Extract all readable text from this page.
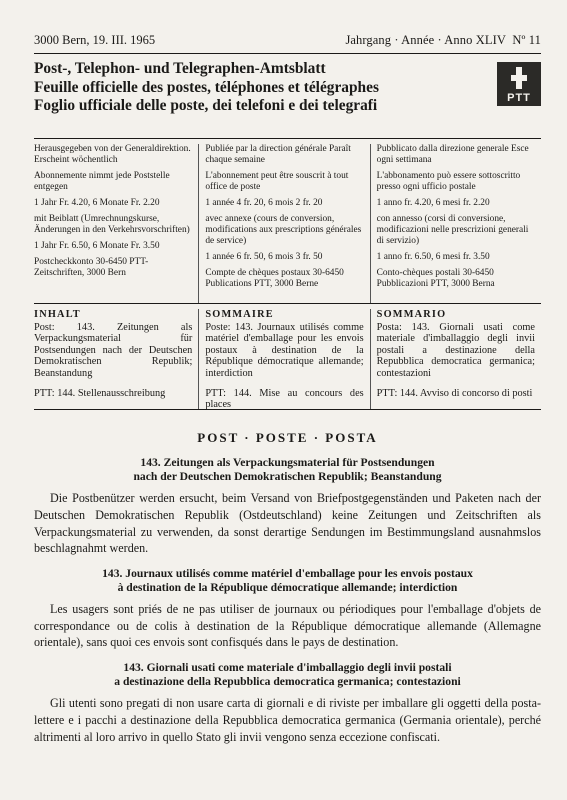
3000 Bern, 19. III. 1965	Jahrgang · Année · Anno XLIV Nº 11
Post-, Telephon- und Telegraphen-Amtsblatt
Feuille officielle des postes, téléphones et télégraphes
Foglio ufficiale delle poste, dei telefoni e dei telegrafi	PTT

Herausgegeben von der Generaldirektion. Erscheint wöchentlich

Abonnemente nimmt jede Poststelle entgegen

1 Jahr Fr. 4.20, 6 Monate Fr. 2.20

mit Beiblatt (Umrechnungskurse, Änderungen in den Verkehrsvorschriften)

1 Jahr Fr. 6.50, 6 Monate Fr. 3.50

Postcheckkonto 30-6450 PTT-Zeitschriften, 3000 Bern

Publiée par la direction générale Paraît chaque semaine

L'abonnement peut être souscrit à tout office de poste

1 année 4 fr. 20, 6 mois 2 fr. 20

avec annexe (cours de conversion, modifications aux prescriptions générales de service)

1 année 6 fr. 50, 6 mois 3 fr. 50

Compte de chèques postaux 30-6450 Publications PTT, 3000 Berne

Pubblicato dalla direzione generale Esce ogni settimana

L'abbonamento può essere sottoscritto presso ogni ufficio postale

1 anno fr. 4.20, 6 mesi fr. 2.20

con annesso (corsi di conversione, modificazioni nelle prescrizioni generali di servizio)

1 anno fr. 6.50, 6 mesi fr. 3.50

Conto-chèques postali 30-6450 Pubblicazioni PTT, 3000 Berna

INHALT

Post: 143. Zeitungen als Verpackungsmaterial für Postsendungen nach der Deutschen Demokratischen Republik; Beanstandung

PTT: 144. Stellenausschreibung

SOMMAIRE

Poste: 143. Journaux utilisés comme matériel d'emballage pour les envois postaux à destination de la République démocratique allemande; interdiction

PTT: 144. Mise au concours des places

SOMMARIO

Posta: 143. Giornali usati come materiale d'imballaggio degli invii postali a destinazione della Repubblica democratica germanica; contestazioni

PTT: 144. Avviso di concorso di posti

POST · POSTE · POSTA
143. Zeitungen als Verpackungsmaterial für Postsendungen
nach der Deutschen Demokratischen Republik; Beanstandung

Die Postbenützer werden ersucht, beim Versand von Briefpostgegenständen und Paketen nach der Deutschen Demokratischen Republik (Ostdeutschland) keine Zeitungen und Zeitschriften als Verpackungsmaterial zu verwenden, da sonst derartige Sendungen im Bestimmungsland ausnahmslos beschlagnahmt werden.

143. Journaux utilisés comme matériel d'emballage pour les envois postaux
à destination de la République démocratique allemande; interdiction

Les usagers sont priés de ne pas utiliser de journaux ou périodiques pour l'emballage d'objets de correspondance ou de colis à destination de la République démocratique allemande (Allemagne orientale), sans quoi ces envois sont confisqués dans le pays de destination.

143. Giornali usati come materiale d'imballaggio degli invii postali
a destinazione della Repubblica democratica germanica; contestazioni

Gli utenti sono pregati di non usare carta di giornali e di riviste per imballare gli oggetti della posta-lettere e i pacchi a destinazione della Repubblica democratica germanica (Germania orientale), perché altrimenti al loro arrivo in quello Stato gli invii vengono senza eccezione confiscati.
